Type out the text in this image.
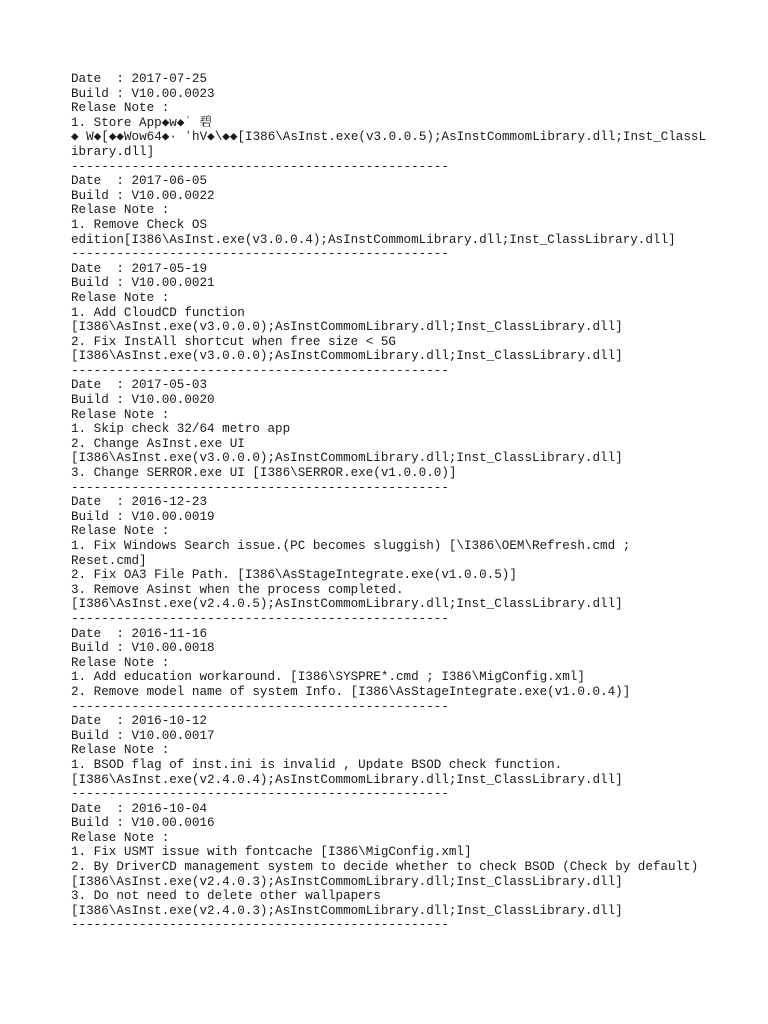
Date  : 2017-07-25
Build : V10.00.0023
Relase Note :
1. Store App◆w◆ʿ 碧
◆ W◆[◆◆Wow64◆· ʻhV◆\◆◆[I386\AsInst.exe(v3.0.0.5);AsInstCommomLibrary.dll;Inst_ClassL
ibrary.dll]
--------------------------------------------------
Date  : 2017-06-05
Build : V10.00.0022
Relase Note :
1. Remove Check OS
edition[I386\AsInst.exe(v3.0.0.4);AsInstCommomLibrary.dll;Inst_ClassLibrary.dll]
--------------------------------------------------
Date  : 2017-05-19
Build : V10.00.0021
Relase Note :
1. Add CloudCD function
[I386\AsInst.exe(v3.0.0.0);AsInstCommomLibrary.dll;Inst_ClassLibrary.dll]
2. Fix InstAll shortcut when free size < 5G
[I386\AsInst.exe(v3.0.0.0);AsInstCommomLibrary.dll;Inst_ClassLibrary.dll]
--------------------------------------------------
Date  : 2017-05-03
Build : V10.00.0020
Relase Note :
1. Skip check 32/64 metro app
2. Change AsInst.exe UI
[I386\AsInst.exe(v3.0.0.0);AsInstCommomLibrary.dll;Inst_ClassLibrary.dll]
3. Change SERROR.exe UI [I386\SERROR.exe(v1.0.0.0)]
--------------------------------------------------
Date  : 2016-12-23
Build : V10.00.0019
Relase Note :
1. Fix Windows Search issue.(PC becomes sluggish) [\I386\OEM\Refresh.cmd ;
Reset.cmd]
2. Fix OA3 File Path. [I386\AsStageIntegrate.exe(v1.0.0.5)]
3. Remove Asinst when the process completed.
[I386\AsInst.exe(v2.4.0.5);AsInstCommomLibrary.dll;Inst_ClassLibrary.dll]
--------------------------------------------------
Date  : 2016-11-16
Build : V10.00.0018
Relase Note :
1. Add education workaround. [I386\SYSPRE*.cmd ; I386\MigConfig.xml]
2. Remove model name of system Info. [I386\AsStageIntegrate.exe(v1.0.0.4)]
--------------------------------------------------
Date  : 2016-10-12
Build : V10.00.0017
Relase Note :
1. BSOD flag of inst.ini is invalid , Update BSOD check function.
[I386\AsInst.exe(v2.4.0.4);AsInstCommomLibrary.dll;Inst_ClassLibrary.dll]
--------------------------------------------------
Date  : 2016-10-04
Build : V10.00.0016
Relase Note :
1. Fix USMT issue with fontcache [I386\MigConfig.xml]
2. By DriverCD management system to decide whether to check BSOD (Check by default)
[I386\AsInst.exe(v2.4.0.3);AsInstCommomLibrary.dll;Inst_ClassLibrary.dll]
3. Do not need to delete other wallpapers
[I386\AsInst.exe(v2.4.0.3);AsInstCommomLibrary.dll;Inst_ClassLibrary.dll]
--------------------------------------------------
